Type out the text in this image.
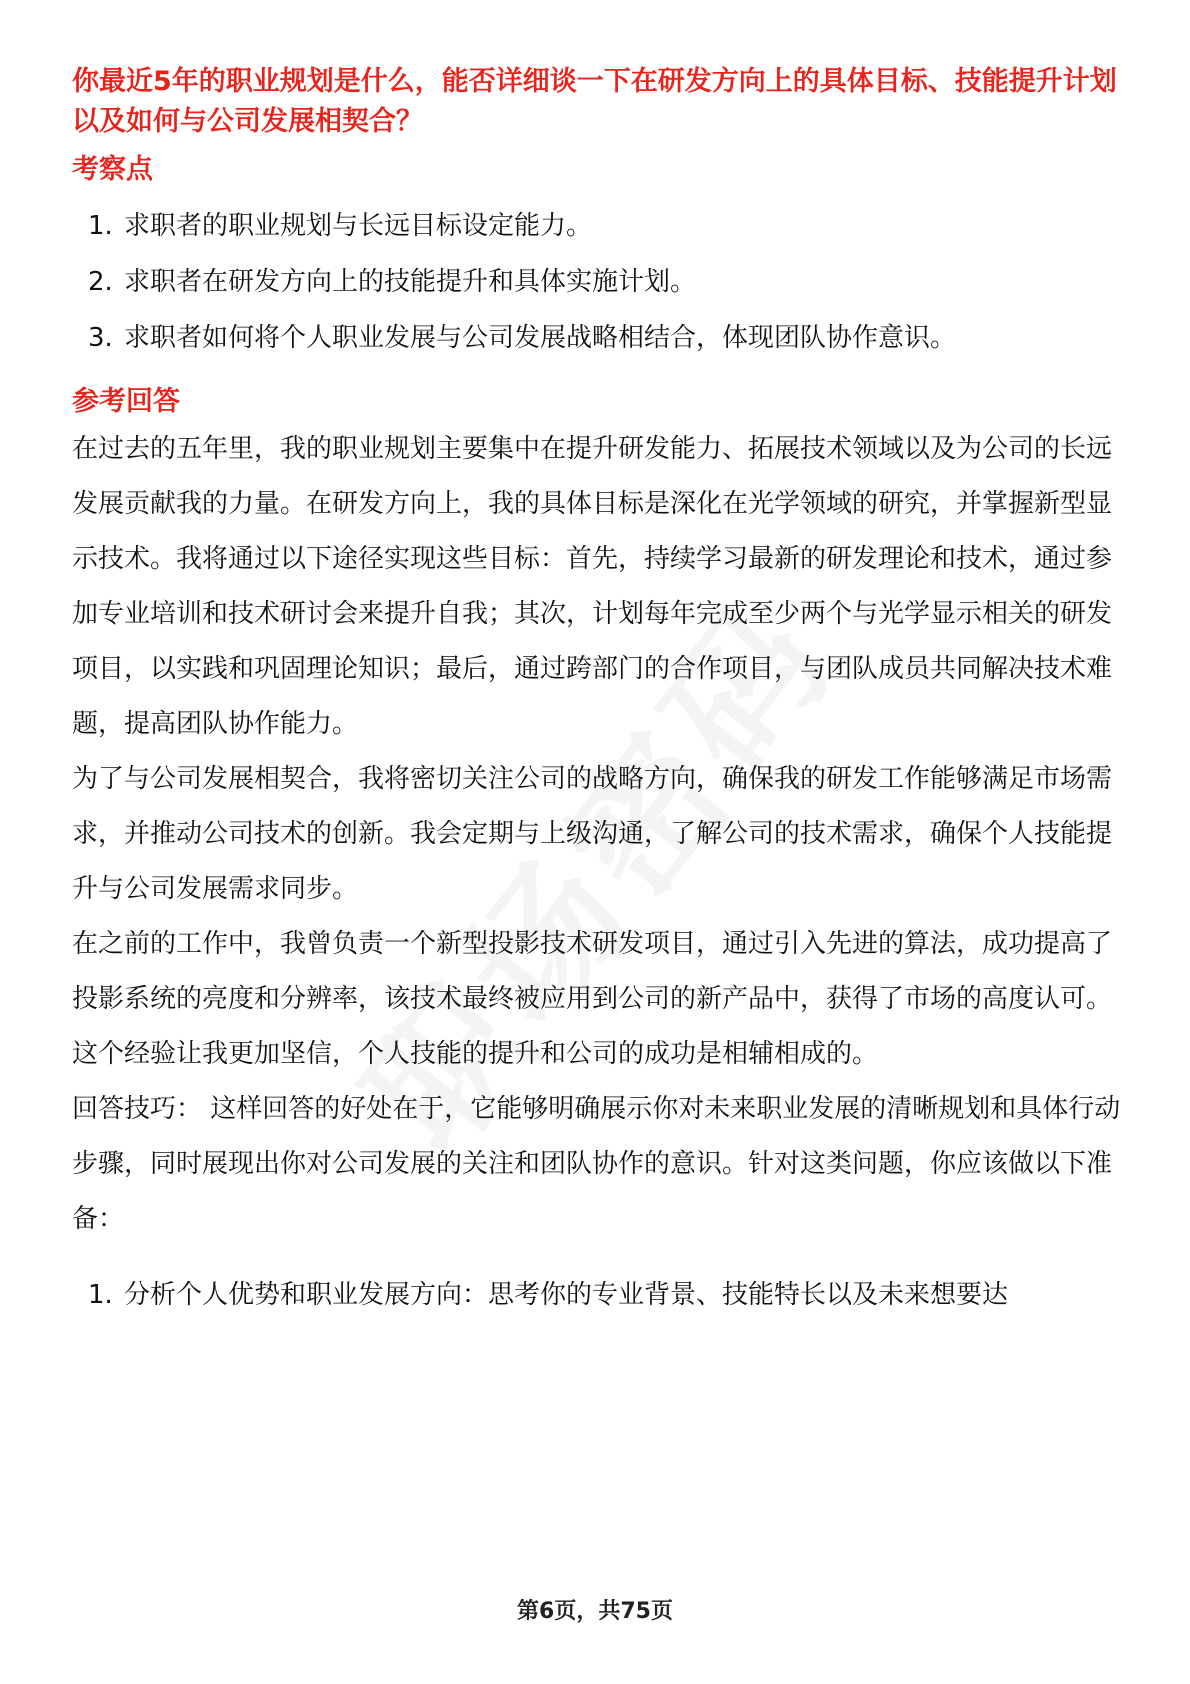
你最近5年的职业规划是什么，能否详细谈一下在研发方向上的具体目标、技能提升计划以及如何与公司发展相契合？
考察点
1. 求职者的职业规划与长远目标设定能力。
2. 求职者在研发方向上的技能提升和具体实施计划。
3. 求职者如何将个人职业发展与公司发展战略相结合，体现团队协作意识。
参考回答

在过去的五年里，我的职业规划主要集中在提升研发能力、拓展技术领域以及为公司的长远发展贡献我的力量。在研发方向上，我的具体目标是深化在光学领域的研究，并掌握新型显示技术。我将通过以下途径实现这些目标：首先，持续学习最新的研发理论和技术，通过参加专业培训和技术研讨会来提升自我；其次，计划每年完成至少两个与光学显示相关的研发项目，以实践和巩固理论知识；最后，通过跨部门的合作项目，与团队成员共同解决技术难题，提高团队协作能力。

为了与公司发展相契合，我将密切关注公司的战略方向，确保我的研发工作能够满足市场需求，并推动公司技术的创新。我会定期与上级沟通，了解公司的技术需求，确保个人技能提升与公司发展需求同步。

在之前的工作中，我曾负责一个新型投影技术研发项目，通过引入先进的算法，成功提高了投影系统的亮度和分辨率，该技术最终被应用到公司的新产品中，获得了市场的高度认可。这个经验让我更加坚信，个人技能的提升和公司的成功是相辅相成的。

回答技巧： 这样回答的好处在于，它能够明确展示你对未来职业发展的清晰规划和具体行动步骤，同时展现出你对公司发展的关注和团队协作的意识。针对这类问题，你应该做以下准备：

1. 分析个人优势和职业发展方向：思考你的专业背景、技能特长以及未来想要达
第6页，共75页
